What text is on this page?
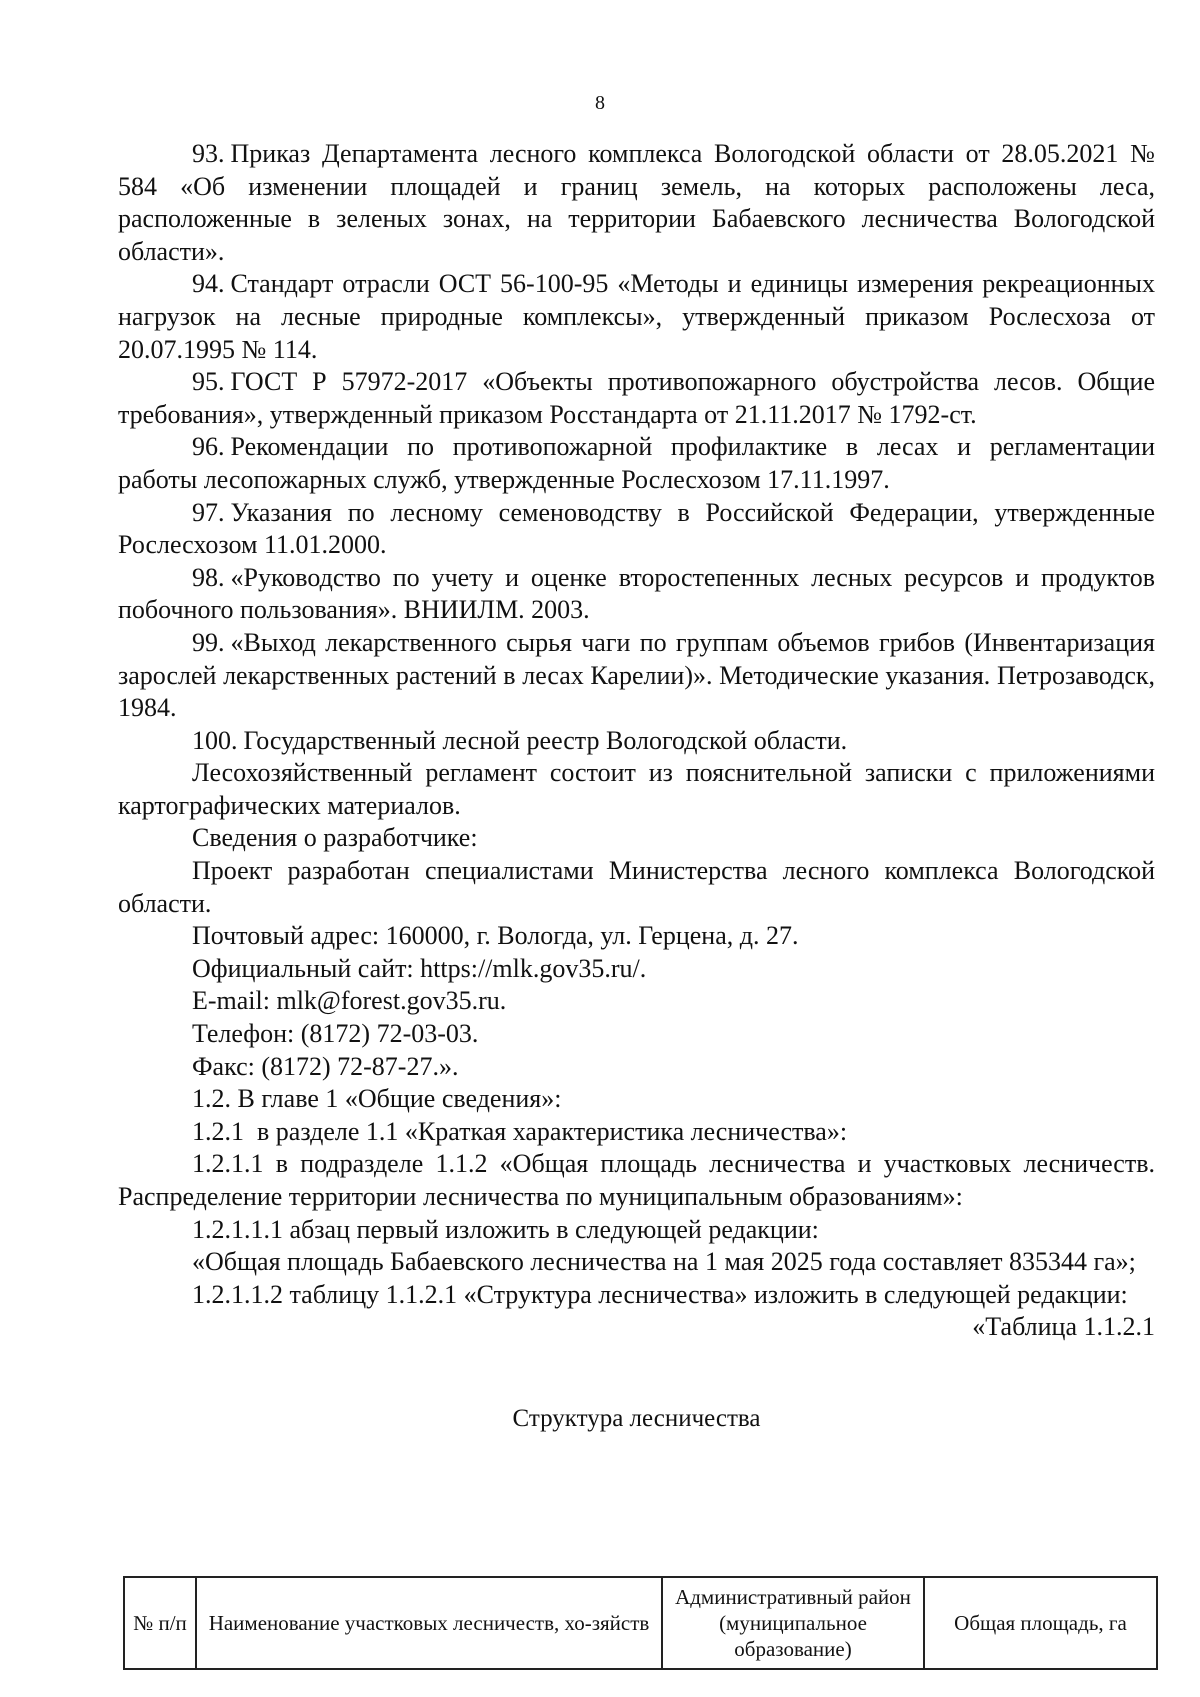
8

93. Приказ Департамента лесного комплекса Вологодской области от 28.05.2021 № 584 «Об изменении площадей и границ земель, на которых расположены леса, расположенные в зеленых зонах, на территории Бабаевского лесничества Вологодской области».

94. Стандарт отрасли ОСТ 56-100-95 «Методы и единицы измерения рекреационных нагрузок на лесные природные комплексы», утвержденный приказом Рослесхоза от 20.07.1995 № 114.

95. ГОСТ Р 57972-2017 «Объекты противопожарного обустройства лесов. Общие требования», утвержденный приказом Росстандарта от 21.11.2017 № 1792-ст.

96. Рекомендации по противопожарной профилактике в лесах и регламентации работы лесопожарных служб, утвержденные Рослесхозом 17.11.1997.

97. Указания по лесному семеноводству в Российской Федерации, утвержденные Рослесхозом 11.01.2000.

98. «Руководство по учету и оценке второстепенных лесных ресурсов и продуктов побочного пользования». ВНИИЛМ. 2003.

99. «Выход лекарственного сырья чаги по группам объемов грибов (Инвентаризация зарослей лекарственных растений в лесах Карелии)». Методические указания. Петрозаводск, 1984.

100. Государственный лесной реестр Вологодской области.

Лесохозяйственный регламент состоит из пояснительной записки с приложениями картографических материалов.

Сведения о разработчике:

Проект разработан специалистами Министерства лесного комплекса Вологодской области.

Почтовый адрес: 160000, г. Вологда, ул. Герцена, д. 27.

Официальный сайт: https://mlk.gov35.ru/.

E-mail: mlk@forest.gov35.ru.

Телефон: (8172) 72-03-03.

Факс: (8172) 72-87-27.».

1.2. В главе 1 «Общие сведения»:

1.2.1  в разделе 1.1 «Краткая характеристика лесничества»:

1.2.1.1 в подразделе 1.1.2 «Общая площадь лесничества и участковых лесничеств. Распределение территории лесничества по муниципальным образованиям»:

1.2.1.1.1 абзац первый изложить в следующей редакции:

«Общая площадь Бабаевского лесничества на 1 мая 2025 года составляет 835344 га»;

1.2.1.1.2 таблицу 1.1.2.1 «Структура лесничества» изложить в следующей редакции:

«Таблица 1.1.2.1

Структура лесничества

№ п/п	Наименование участковых лесничеств, хо-зяйств	Административный район (муниципальное образование)	Общая площадь, га
